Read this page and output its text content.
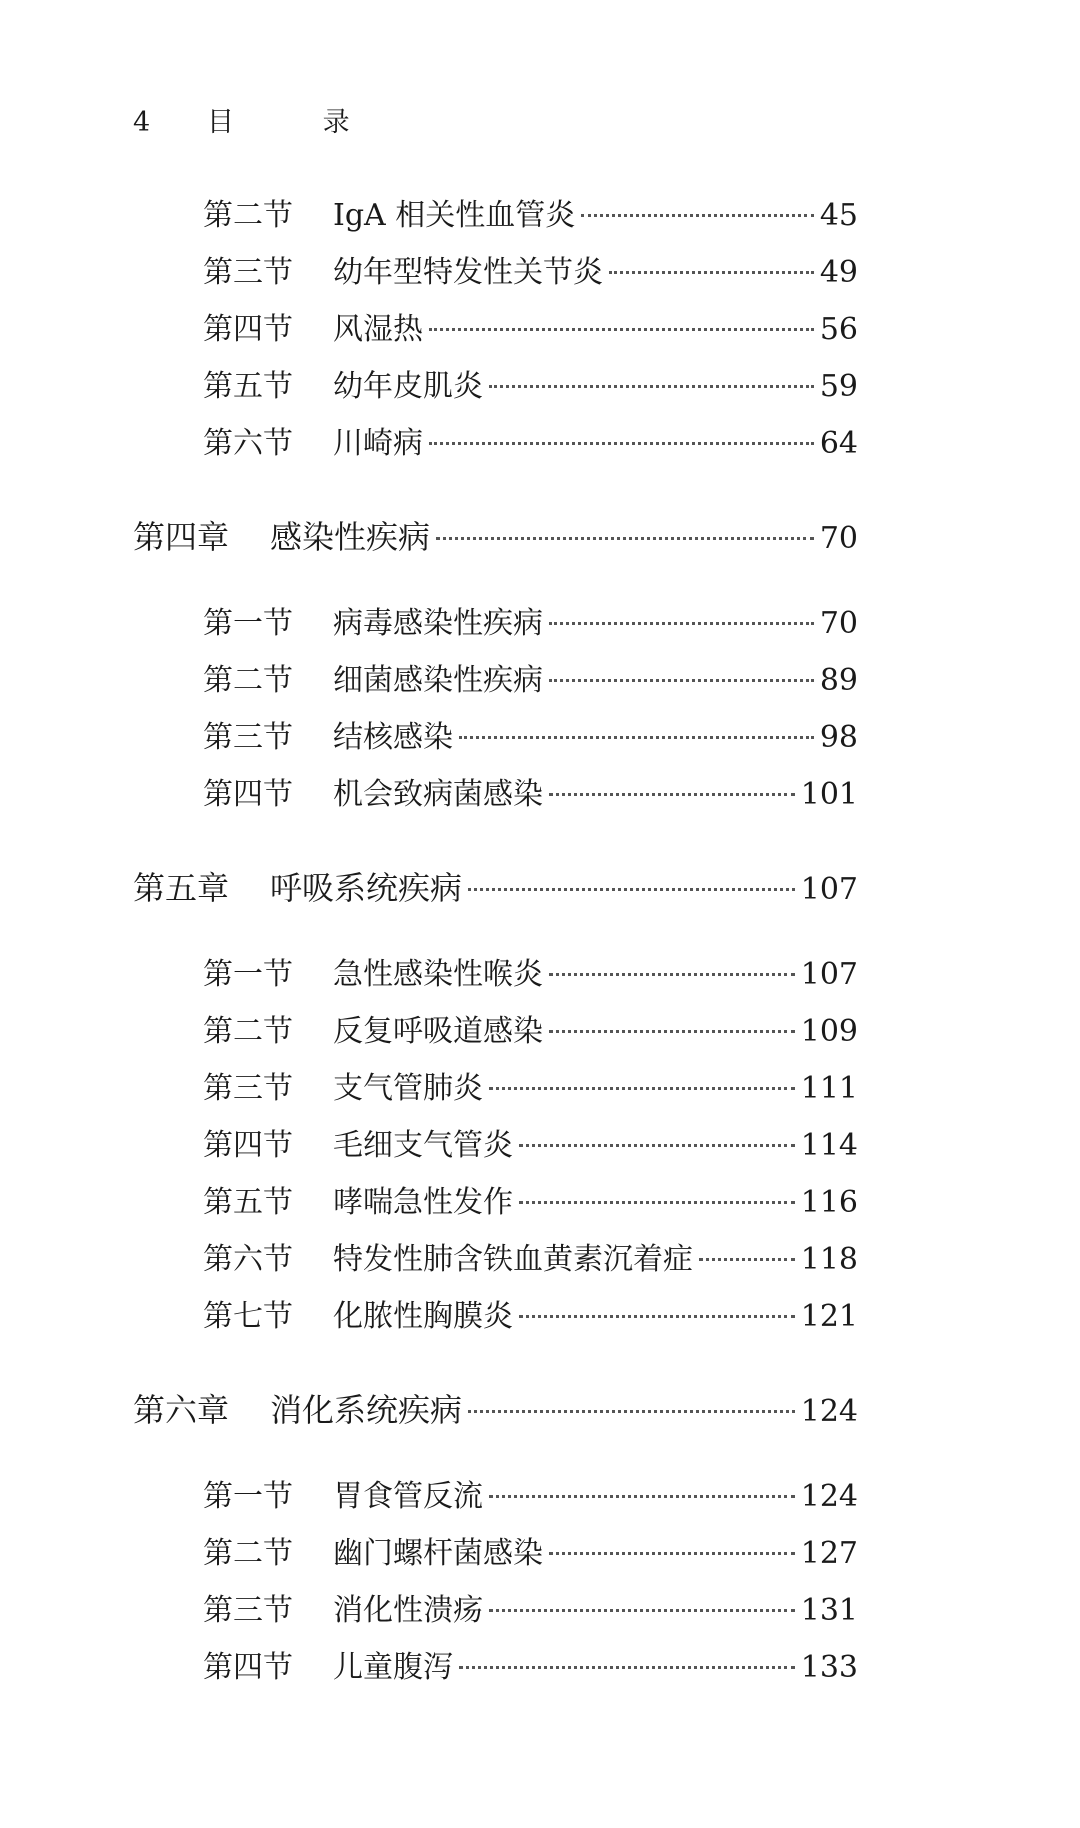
4	目 录
第二节	IgA 相关性血管炎	45
第三节	幼年型特发性关节炎	49
第四节	风湿热	56
第五节	幼年皮肌炎	59
第六节	川崎病	64
第四章	感染性疾病	70
第一节	病毒感染性疾病	70
第二节	细菌感染性疾病	89
第三节	结核感染	98
第四节	机会致病菌感染	101
第五章	呼吸系统疾病	107
第一节	急性感染性喉炎	107
第二节	反复呼吸道感染	109
第三节	支气管肺炎	111
第四节	毛细支气管炎	114
第五节	哮喘急性发作	116
第六节	特发性肺含铁血黄素沉着症	118
第七节	化脓性胸膜炎	121
第六章	消化系统疾病	124
第一节	胃食管反流	124
第二节	幽门螺杆菌感染	127
第三节	消化性溃疡	131
第四节	儿童腹泻	133
